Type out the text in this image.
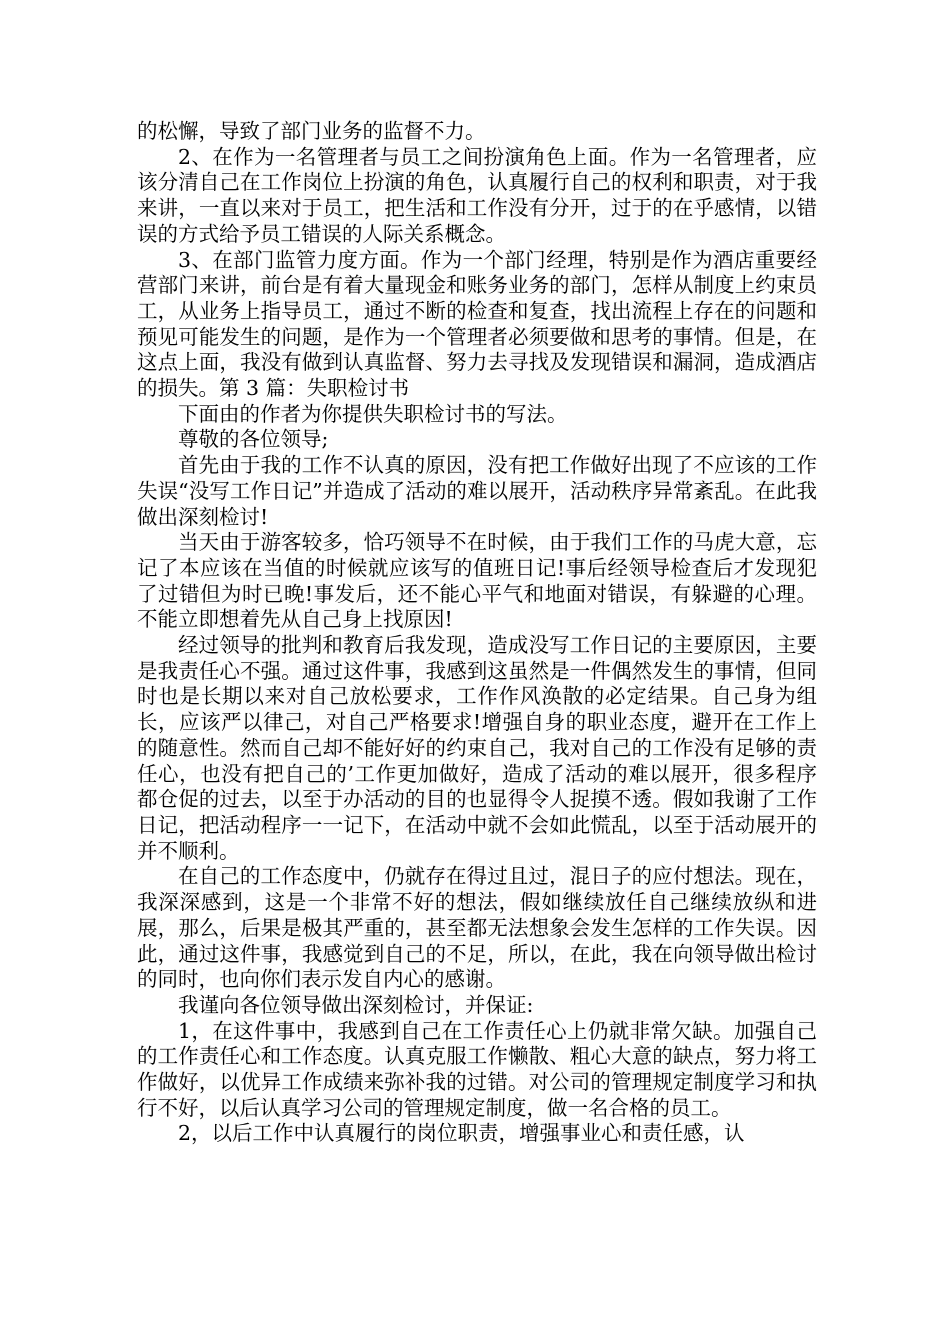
的松懈，导致了部门业务的监督不力。

2、在作为一名管理者与员工之间扮演角色上面。作为一名管理者，应该分清自己在工作岗位上扮演的角色，认真履行自己的权利和职责，对于我来讲，一直以来对于员工，把生活和工作没有分开，过于的在乎感情，以错误的方式给予员工错误的人际关系概念。

3、在部门监管力度方面。作为一个部门经理，特别是作为酒店重要经营部门来讲，前台是有着大量现金和账务业务的部门，怎样从制度上约束员工，从业务上指导员工，通过不断的检查和复查，找出流程上存在的问题和预见可能发生的问题，是作为一个管理者必须要做和思考的事情。但是，在这点上面，我没有做到认真监督、努力去寻找及发现错误和漏洞，造成酒店的损失。第 3 篇：失职检讨书

下面由的作者为你提供失职检讨书的写法。

尊敬的各位领导;

首先由于我的工作不认真的原因，没有把工作做好出现了不应该的工作失误“没写工作日记”并造成了活动的难以展开，活动秩序异常紊乱。在此我做出深刻检讨!

当天由于游客较多，恰巧领导不在时候，由于我们工作的马虎大意，忘记了本应该在当值的时候就应该写的值班日记!事后经领导检查后才发现犯了过错但为时已晚!事发后，还不能心平气和地面对错误，有躲避的心理。不能立即想着先从自己身上找原因!

经过领导的批判和教育后我发现，造成没写工作日记的主要原因，主要是我责任心不强。通过这件事，我感到这虽然是一件偶然发生的事情，但同时也是长期以来对自己放松要求，工作作风涣散的必定结果。自己身为组长，应该严以律己，对自己严格要求!增强自身的职业态度，避开在工作上的随意性。然而自己却不能好好的约束自己，我对自己的工作没有足够的责任心，也没有把自己的’工作更加做好，造成了活动的难以展开，很多程序都仓促的过去，以至于办活动的目的也显得令人捉摸不透。假如我谢了工作日记，把活动程序一一记下，在活动中就不会如此慌乱，以至于活动展开的并不顺利。

在自己的工作态度中，仍就存在得过且过，混日子的应付想法。现在，我深深感到，这是一个非常不好的想法，假如继续放任自己继续放纵和进展，那么，后果是极其严重的，甚至都无法想象会发生怎样的工作失误。因此，通过这件事，我感觉到自己的不足，所以，在此，我在向领导做出检讨的同时，也向你们表示发自内心的感谢。

我谨向各位领导做出深刻检讨，并保证:

1，在这件事中，我感到自己在工作责任心上仍就非常欠缺。加强自己的工作责任心和工作态度。认真克服工作懒散、粗心大意的缺点，努力将工作做好，以优异工作成绩来弥补我的过错。对公司的管理规定制度学习和执行不好，以后认真学习公司的管理规定制度，做一名合格的员工。

2，以后工作中认真履行的岗位职责，增强事业心和责任感，认
